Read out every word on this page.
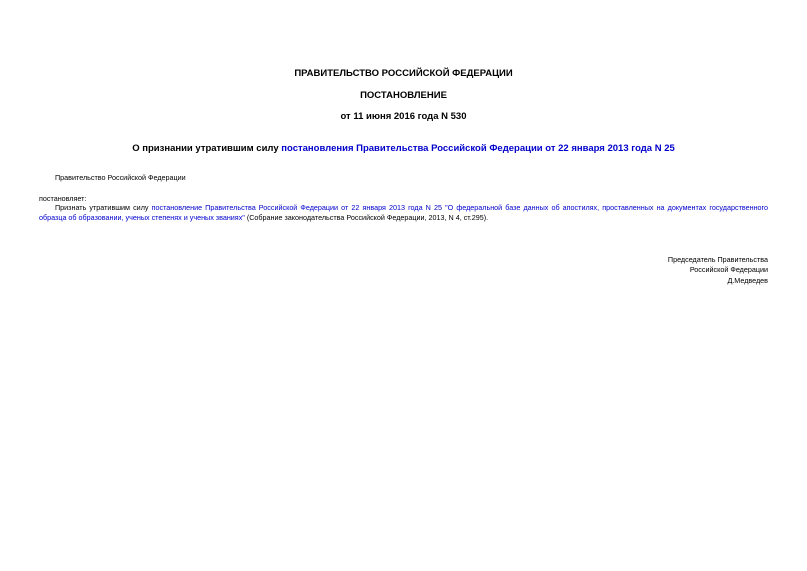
ПРАВИТЕЛЬСТВО РОССИЙСКОЙ ФЕДЕРАЦИИ
ПОСТАНОВЛЕНИЕ
от 11 июня 2016 года N 530
О признании утратившим силу постановления Правительства Российской Федерации от 22 января 2013 года N 25
Правительство Российской Федерации
постановляет:
Признать утратившим силу постановление Правительства Российской Федерации от 22 января 2013 года N 25 "О федеральной базе данных об апостилях, проставленных на документах государственного образца об образовании, ученых степенях и ученых званиях" (Собрание законодательства Российской Федерации, 2013, N 4, ст.295).
Председатель Правительства
Российской Федерации
Д.Медведев
